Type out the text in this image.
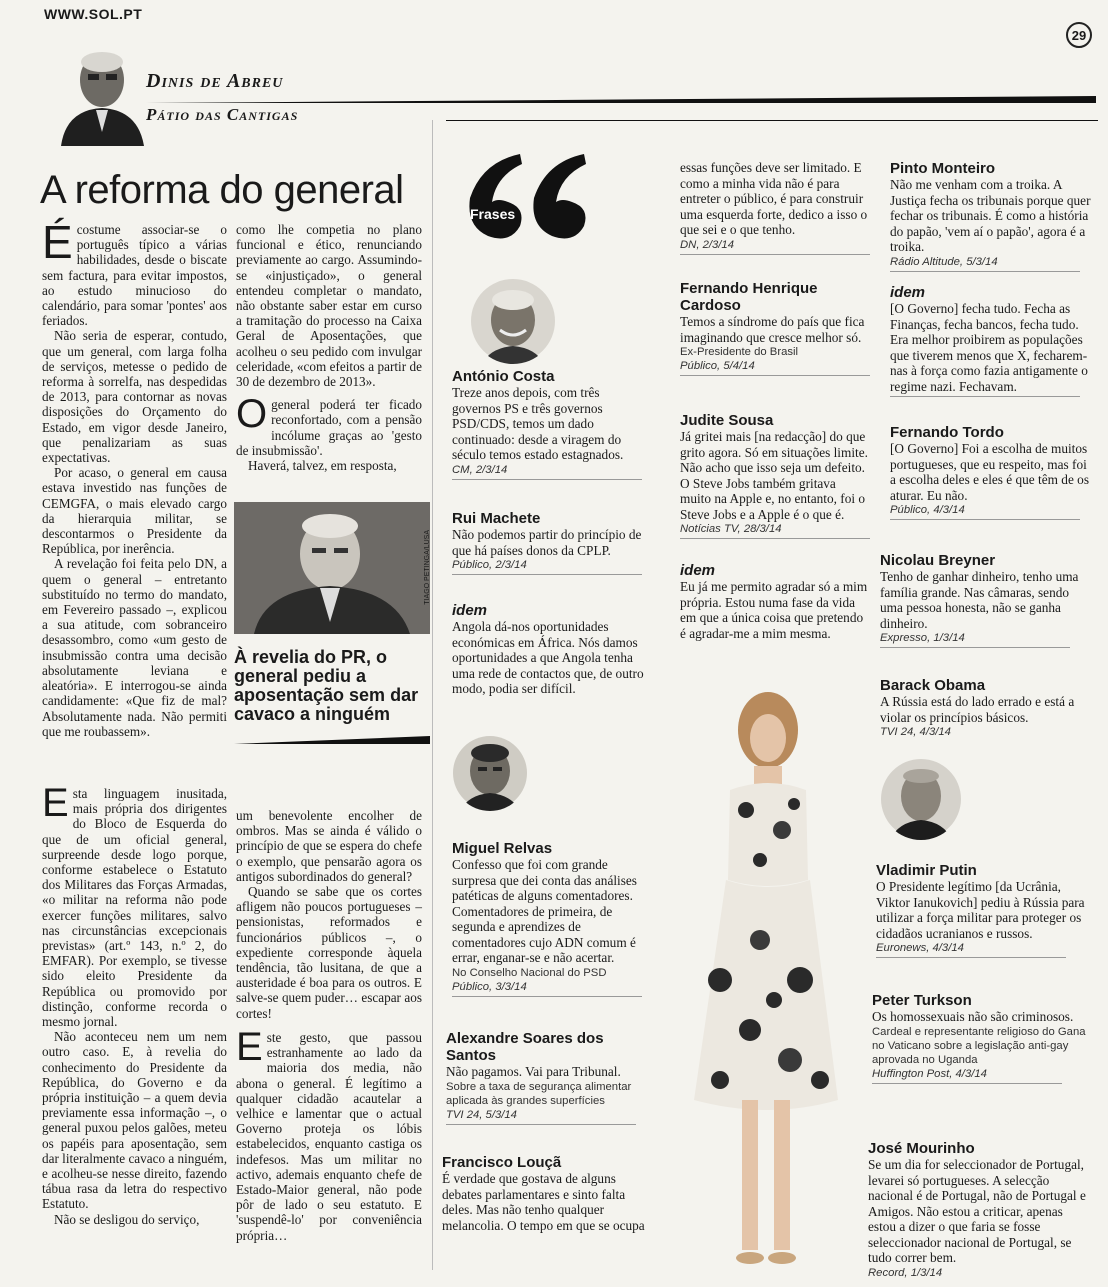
WWW.SOL.PT
29
Dinis de Abreu
Pátio das Cantigas
A reforma do general

Écostume associar-se o português típico a várias habilidades, desde o biscate sem factura, para evitar impostos, ao estudo minucioso do calendário, para somar 'pontes' aos feriados.

Não seria de esperar, contudo, que um general, com larga folha de serviços, metesse o pedido de reforma à sorrelfa, nas despedidas de 2013, para contornar as novas disposições do Orçamento do Estado, em vigor desde Janeiro, que penalizariam as suas expectativas.

Por acaso, o general em causa estava investido nas funções de CEMGFA, o mais elevado cargo da hierarquia militar, se descontarmos o Presidente da República, por inerência.

A revelação foi feita pelo DN, a quem o general – entretanto substituído no termo do mandato, em Fevereiro passado –, explicou a sua atitude, com sobranceiro desassombro, como «um gesto de insubmissão contra uma decisão absolutamente leviana e aleatória». E interrogou-se ainda candidamente: «Que fiz de mal? Absolutamente nada. Não permiti que me roubassem».

como lhe competia no plano funcional e ético, renunciando previamente ao cargo. Assumindo-se «injustiçado», o general entendeu completar o mandato, não obstante saber estar em curso a tramitação do processo na Caixa Geral de Aposentações, que acolheu o seu pedido com invulgar celeridade, «com efeitos a partir de 30 de dezembro de 2013».

Ogeneral poderá ter ficado reconfortado, com a pensão incólume graças ao 'gesto de insubmissão'.

Haverá, talvez, em resposta,

TIAGO PETINGA/LUSA
À revelia do PR, o general pediu a aposentação sem dar cavaco a ninguém

Esta linguagem inusitada, mais própria dos dirigentes do Bloco de Esquerda do que de um oficial general, surpreende desde logo porque, conforme estabelece o Estatuto dos Militares das Forças Armadas, «o militar na reforma não pode exercer funções militares, salvo nas circunstâncias excepcionais previstas» (art.º 143, n.º 2, do EMFAR). Por exemplo, se tivesse sido eleito Presidente da República ou promovido por distinção, conforme recorda o mesmo jornal.

Não aconteceu nem um nem outro caso. E, à revelia do conhecimento do Presidente da República, do Governo e da própria instituição – a quem devia previamente essa informação –, o general puxou pelos galões, meteu os papéis para aposentação, sem dar literalmente cavaco a ninguém, e acolheu-se nesse direito, fazendo tábua rasa da letra do respectivo Estatuto.

Não se desligou do serviço,

um benevolente encolher de ombros. Mas se ainda é válido o princípio de que se espera do chefe o exemplo, que pensarão agora os antigos subordinados do general?

Quando se sabe que os cortes afligem não poucos portugueses – pensionistas, reformados e funcionários públicos –, o expediente corresponde àquela tendência, tão lusitana, de que a austeridade é boa para os outros. E salve-se quem puder… escapar aos cortes!

Este gesto, que passou estranhamente ao lado da maioria dos media, não abona o general. É legítimo a qualquer cidadão acautelar a velhice e lamentar que o actual Governo proteja os lóbis estabelecidos, enquanto castiga os indefesos. Mas um militar no activo, ademais enquanto chefe de Estado-Maior general, não pode pôr de lado o seu estatuto. E 'suspendê-lo' por conveniência própria…

Frases
António Costa
Treze anos depois, com três governos PS e três governos PSD/CDS, temos um dado continuado: desde a viragem do século temos estado estagnados.
CM, 2/3/14
Rui Machete
Não podemos partir do princípio de que há países donos da CPLP.
Público, 2/3/14
idem
Angola dá-nos oportunidades económicas em África. Nós damos oportunidades a que Angola tenha uma rede de contactos que, de outro modo, podia ser difícil.
Miguel Relvas
Confesso que foi com grande surpresa que dei conta das análises patéticas de alguns comentadores. Comentadores de primeira, de segunda e aprendizes de comentadores cujo ADN comum é errar, enganar-se e não acertar.
No Conselho Nacional do PSD
Público, 3/3/14
Alexandre Soares dos Santos
Não pagamos. Vai para Tribunal.
Sobre a taxa de segurança alimentar aplicada às grandes superfícies
TVI 24, 5/3/14
Francisco Louçã
É verdade que gostava de alguns debates parlamentares e sinto falta deles. Mas não tenho qualquer melancolia. O tempo em que se ocupa
essas funções deve ser limitado. E como a minha vida não é para entreter o público, é para construir uma esquerda forte, dedico a isso o que sei e o que tenho.
DN, 2/3/14
Fernando Henrique Cardoso
Temos a síndrome do país que fica imaginando que cresce melhor só.
Ex-Presidente do Brasil
Público, 5/4/14
Judite Sousa
Já gritei mais [na redacção] do que grito agora. Só em situações limite. Não acho que isso seja um defeito. O Steve Jobs também gritava muito na Apple e, no entanto, foi o Steve Jobs e a Apple é o que é.
Notícias TV, 28/3/14
idem
Eu já me permito agradar só a mim própria. Estou numa fase da vida em que a única coisa que pretendo é agradar-me a mim mesma.
Pinto Monteiro
Não me venham com a troika. A Justiça fecha os tribunais porque quer fechar os tribunais. É como a história do papão, 'vem aí o papão', agora é a troika.
Rádio Altitude, 5/3/14
idem
[O Governo] fecha tudo. Fecha as Finanças, fecha bancos, fecha tudo. Era melhor proibirem as populações que tiverem menos que X, fecharem-nas à força como fazia antigamente o regime nazi. Fechavam.
Fernando Tordo
[O Governo] Foi a escolha de muitos portugueses, que eu respeito, mas foi a escolha deles e eles é que têm de os aturar. Eu não.
Público, 4/3/14
Nicolau Breyner
Tenho de ganhar dinheiro, tenho uma família grande. Nas câmaras, sendo uma pessoa honesta, não se ganha dinheiro.
Expresso, 1/3/14
Barack Obama
A Rússia está do lado errado e está a violar os princípios básicos.
TVI 24, 4/3/14
Vladimir Putin
O Presidente legítimo [da Ucrânia, Viktor Ianukovich] pediu à Rússia para utilizar a força militar para proteger os cidadãos ucranianos e russos.
Euronews, 4/3/14
Peter Turkson
Os homossexuais não são criminosos.
Cardeal e representante religioso do Gana no Vaticano sobre a legislação anti-gay aprovada no Uganda
Huffington Post, 4/3/14
José Mourinho
Se um dia for seleccionador de Portugal, levarei só portugueses. A selecção nacional é de Portugal, não de Portugal e Amigos. Não estou a criticar, apenas estou a dizer o que faria se fosse seleccionador nacional de Portugal, se tudo correr bem.
Record, 1/3/14
